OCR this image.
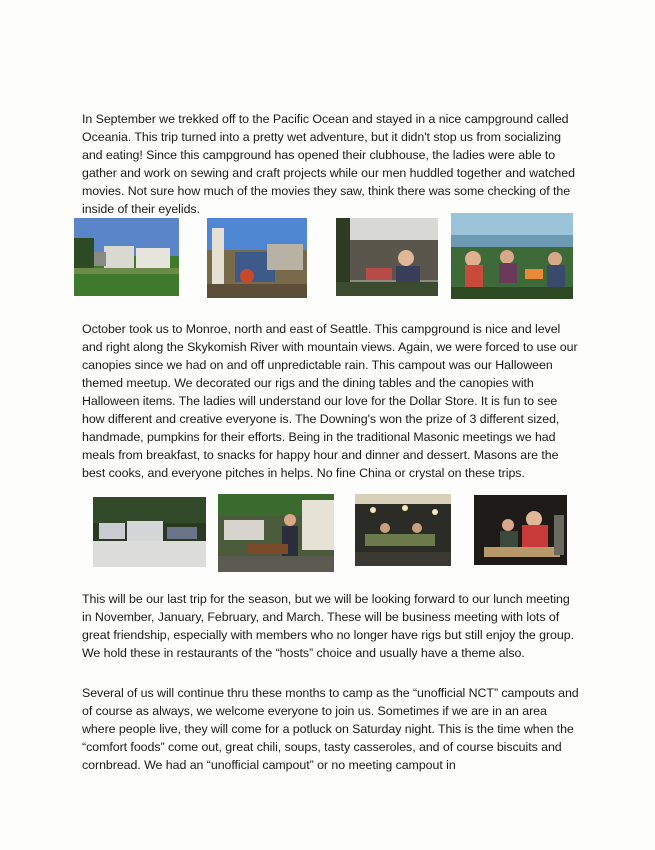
In September we trekked off to the Pacific Ocean and stayed in a nice campground called Oceania. This trip turned into a pretty wet adventure, but it didn't stop us from socializing and eating! Since this campground has opened their clubhouse, the ladies were able to gather and work on sewing and craft projects while our men huddled together and watched movies. Not sure how much of the movies they saw, think there was some checking of the inside of their eyelids.

October took us to Monroe, north and east of Seattle. This campground is nice and level and right along the Skykomish River with mountain views. Again, we were forced to use our canopies since we had on and off unpredictable rain. This campout was our Halloween themed meetup. We decorated our rigs and the dining tables and the canopies with Halloween items. The ladies will understand our love for the Dollar Store. It is fun to see how different and creative everyone is. The Downing's won the prize of 3 different sized, handmade, pumpkins for their efforts. Being in the traditional Masonic meetings we had meals from breakfast, to snacks for happy hour and dinner and dessert. Masons are the best cooks, and everyone pitches in helps. No fine China or crystal on these trips.

This will be our last trip for the season, but we will be looking forward to our lunch meeting in November, January, February, and March. These will be business meeting with lots of great friendship, especially with members who no longer have rigs but still enjoy the group. We hold these in restaurants of the “hosts” choice and usually have a theme also.

Several of us will continue thru these months to camp as the “unofficial NCT” campouts and of course as always, we welcome everyone to join us. Sometimes if we are in an area where people live, they will come for a potluck on Saturday night. This is the time when the “comfort foods” come out, great chili, soups, tasty casseroles, and of course biscuits and cornbread. We had an “unofficial campout” or no meeting campout in
